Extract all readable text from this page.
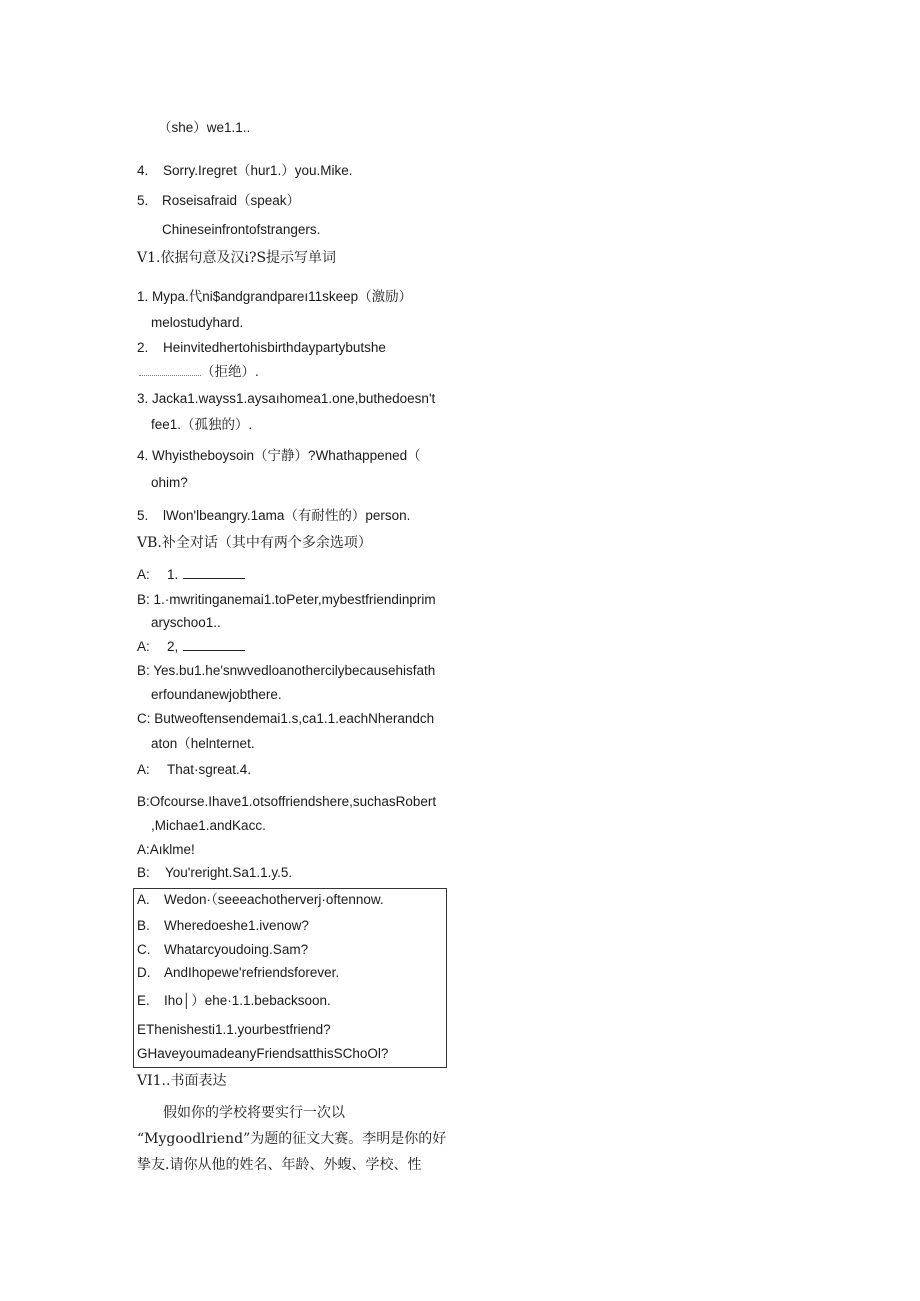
（she）we1.1..
4. Sorry.Iregret（hur1.）you.Mike.
5. Roseisafraid（speak）
Chineseinfrontofstrangers.
V1.依据句意及汉i?S提示写单词
1. Mypa.代ni$andgrandpareı11skeep（激励）
melostudyhard.
2. Heinvitedhertohisbirthdaypartybutshe
（拒绝）.
3. Jacka1.wayss1.aysaıhomea1.one,buthedoesn't
fee1.（孤独的）.
4. Whyistheboysoin（宁静）?Whathappened（
ohim?
5. lWon'lbeangry.1ama（有耐性的）person.
VB.补全对话（其中有两个多余选项）
A: 1.
B: 1.·mwritinganemai1.toPeter,mybestfriendinprim
aryschoo1..
A: 2,
B: Yes.bu1.he'snwvedloanothercilybecausehisfath
erfoundanewjobthere.
C: Butweoftensendemai1.s,ca1.1.eachNherandch
aton（helnternet.
A: That·sgreat.4.
B:Ofcourse.Ihave1.otsoffriendshere,suchasRobert
,Michae1.andKacc.
A:Aıklme!
B: You'reright.Sa1.1.y.5.
A. Wedon·（seeeachotherverj·oftennow.
B. Wheredoeshe1.ivenow?
C. Whatarcyoudoing.Sam?
D. AndIhopewe'refriendsforever.
E. Iho│）ehe·1.1.bebacksoon.
EThenishesti1.1.yourbestfriend?
GHaveyoumadeanyFriendsatthisSChoOl?
VI1..书面表达
假如你的学校将要实行一次以
“Mygoodlriend”为题的征文大赛。李明是你的好
挚友.请你从他的姓名、年龄、外蝮、学校、性
